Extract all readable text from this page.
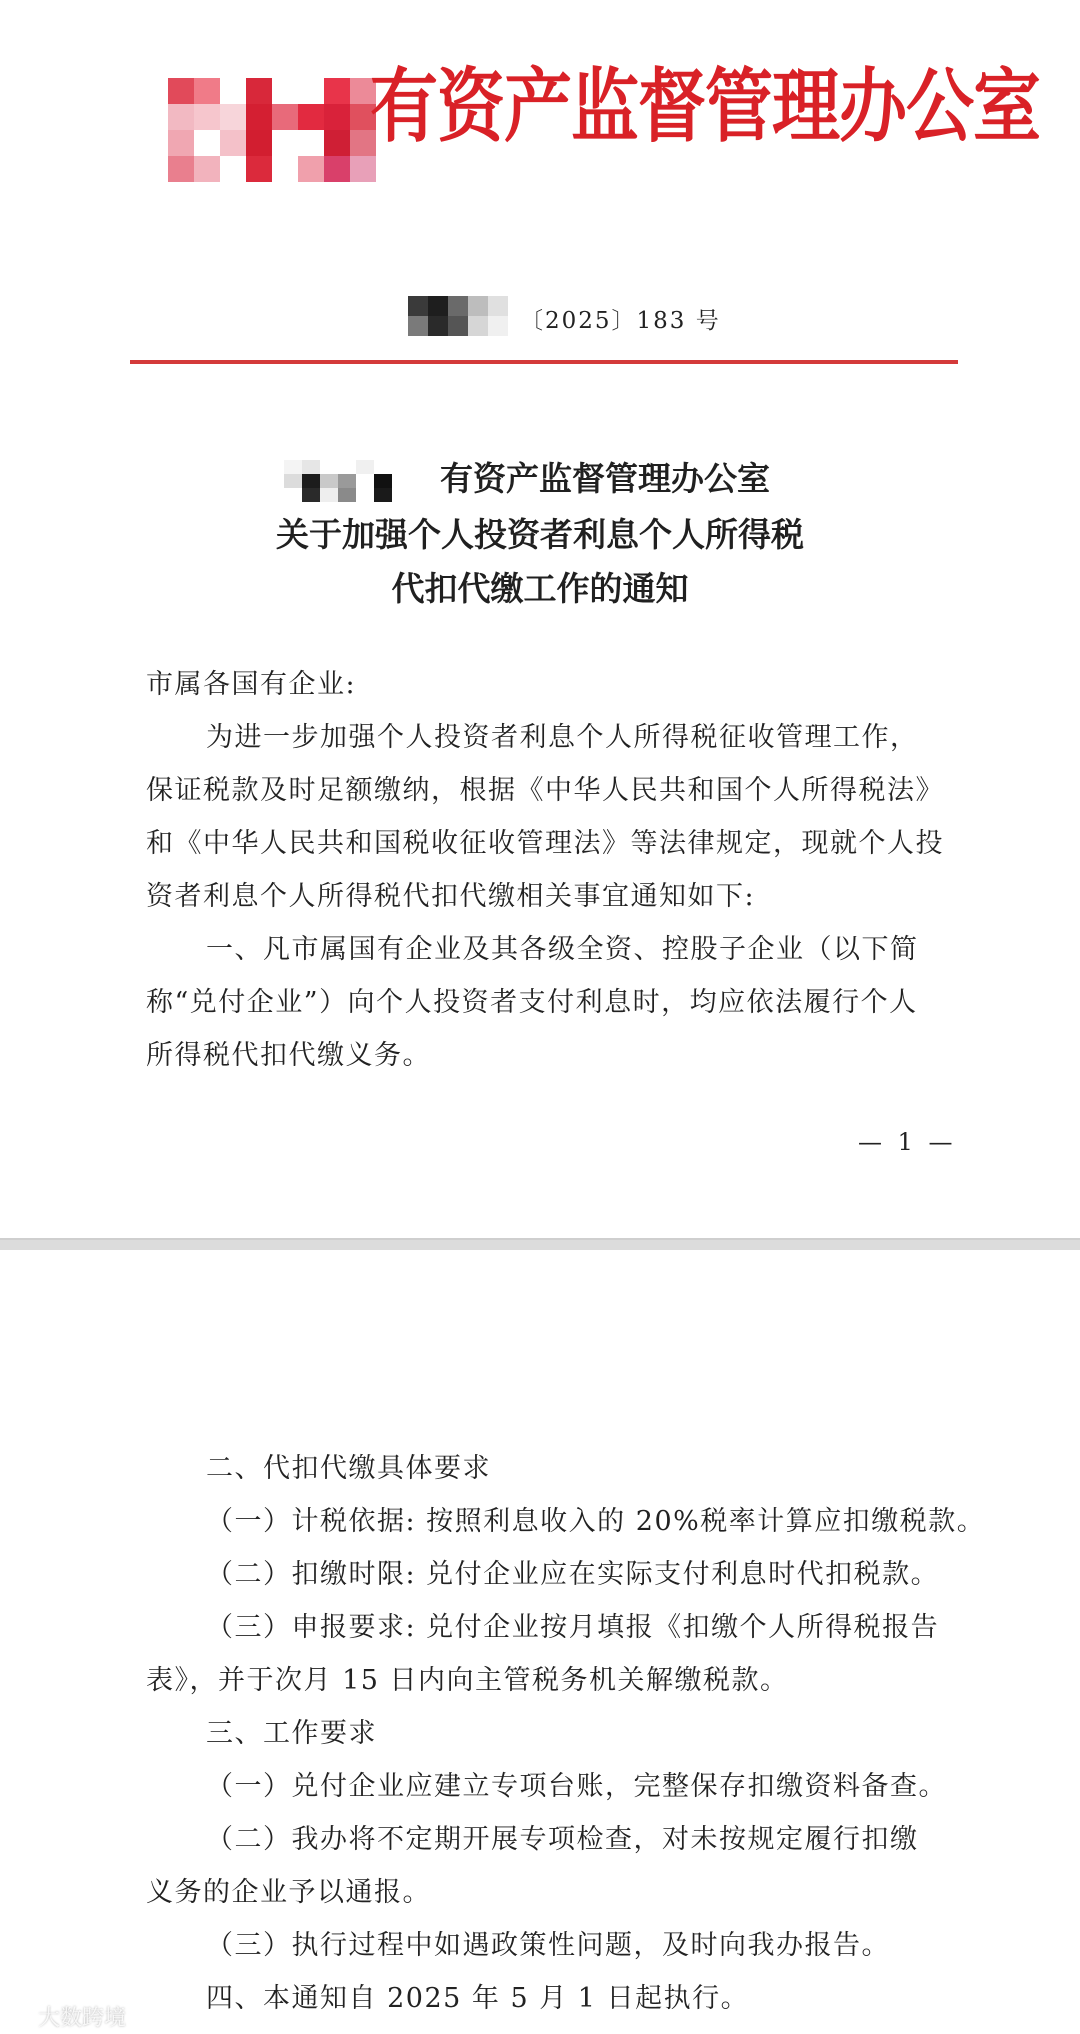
有资产监督管理办公室
〔2025〕183 号
有资产监督管理办公室
关于加强个人投资者利息个人所得税
代扣代缴工作的通知
市属各国有企业:
为进一步加强个人投资者利息个人所得税征收管理工作，保证税款及时足额缴纳，根据《中华人民共和国个人所得税法》和《中华人民共和国税收征收管理法》等法律规定，现就个人投资者利息个人所得税代扣代缴相关事宜通知如下:
一、凡市属国有企业及其各级全资、控股子企业（以下简称“兑付企业”）向个人投资者支付利息时，均应依法履行个人所得税代扣代缴义务。
— 1 —
二、代扣代缴具体要求
（一）计税依据: 按照利息收入的 20%税率计算应扣缴税款。
（二）扣缴时限: 兑付企业应在实际支付利息时代扣税款。
（三）申报要求: 兑付企业按月填报《扣缴个人所得税报告表》，并于次月 15 日内向主管税务机关解缴税款。
三、工作要求
（一）兑付企业应建立专项台账，完整保存扣缴资料备查。
（二）我办将不定期开展专项检查，对未按规定履行扣缴义务的企业予以通报。
（三）执行过程中如遇政策性问题，及时向我办报告。
四、本通知自 2025 年 5 月 1 日起执行。
大数跨境
